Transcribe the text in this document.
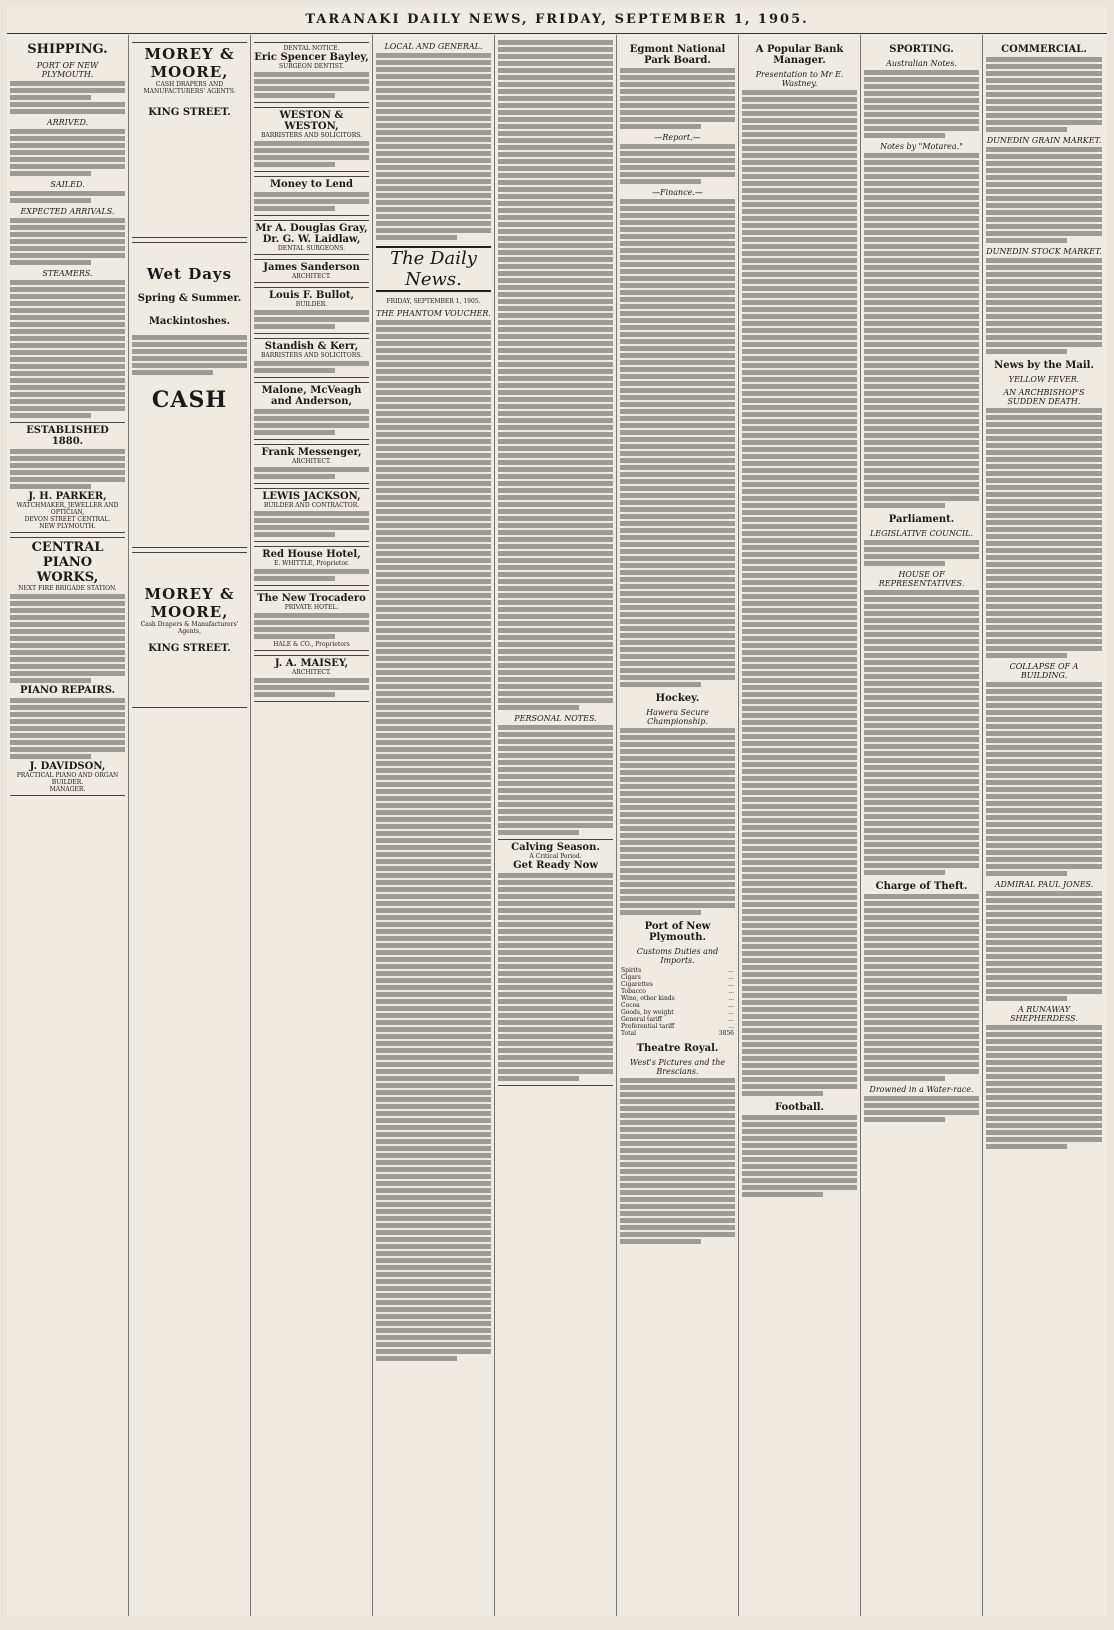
TARANAKI DAILY NEWS, FRIDAY, SEPTEMBER 1, 1905.
SHIPPING.
PORT OF NEW PLYMOUTH.
ARRIVED.
SAILED.
EXPECTED ARRIVALS.
STEAMERS.
ESTABLISHED 1880.
J. H. PARKER,
WATCHMAKER, JEWELLER AND OPTICIAN,
DEVON STREET CENTRAL.
NEW PLYMOUTH.
CENTRAL PIANO WORKS,
NEXT FIRE BRIGADE STATION.
PIANO REPAIRS.
J. DAVIDSON,
PRACTICAL PIANO AND ORGAN BUILDER.
MANAGER.
MOREY & MOORE,
CASH DRAPERS AND MANUFACTURERS' AGENTS.
KING STREET.
Wet Days
Spring & Summer.
Mackintoshes.
CASH
MOREY & MOORE,
Cash Drapers & Manufacturers' Agents,
KING STREET.
DENTAL NOTICE.
Eric Spencer Bayley,
SURGEON DENTIST.
WESTON & WESTON,
BARRISTERS AND SOLICITORS.
Money to Lend
Mr A. Douglas Gray,
Dr. G. W. Laidlaw,
DENTAL SURGEONS.
James Sanderson
ARCHITECT.
Louis F. Bullot,
BUILDER.
Standish & Kerr,
BARRISTERS AND SOLICITORS.
Malone, McVeagh and Anderson,
Frank Messenger,
ARCHITECT.
LEWIS JACKSON,
BUILDER AND CONTRACTOR.
Red House Hotel,
E. WHITTLE, Proprietor.
The New Trocadero
PRIVATE HOTEL.
HALE & CO., Proprietors
J. A. MAISEY,
ARCHITECT.
LOCAL AND GENERAL.
The Daily News.
FRIDAY, SEPTEMBER 1, 1905.
THE PHANTOM VOUCHER.
PERSONAL NOTES.
Calving Season.
A Critical Period.
Get Ready Now
Egmont National Park Board.
—Report.—
—Finance.—
Hockey.
Hawera Secure Championship.
Port of New Plymouth.
Customs Duties and Imports.
Spirits	...
Cigars	...
Cigarettes	...
Tobacco	...
Wine, other kinds	...
Cocoa	...
Goods, by weight	...
General tariff	...
Preferential tariff	...
Total	3856
Theatre Royal.
West's Pictures and the Brescians.
A Popular Bank Manager.
Presentation to Mr E. Wastney.
Football.
SPORTING.
Australian Notes.
Notes by "Motarea."
Parliament.
LEGISLATIVE COUNCIL.
HOUSE OF REPRESENTATIVES.
Charge of Theft.
Drowned in a Water-race.
COMMERCIAL.
DUNEDIN GRAIN MARKET.
DUNEDIN STOCK MARKET.
News by the Mail.
YELLOW FEVER.
AN ARCHBISHOP'S SUDDEN DEATH.
COLLAPSE OF A BUILDING.
ADMIRAL PAUL JONES.
A RUNAWAY SHEPHERDESS.
